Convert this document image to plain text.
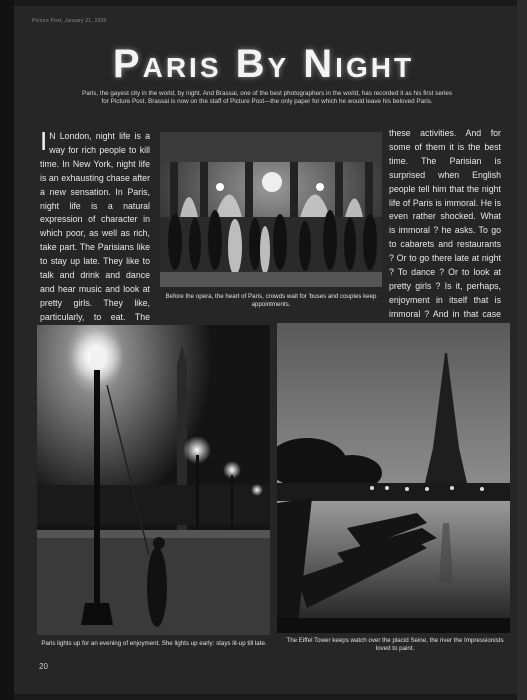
Picture Post, January 21, 1939
Paris By Night
Paris, the gayest city in the world, by night. And Brassai, one of the best photographers in the world, has recorded it as his first series for Picture Post. Brassai is now on the staff of Picture Post—the only paper for which he would leave his beloved Paris.
I N London, night life is a way for rich people to kill time. In New York, night life is an exhausting chase after a new sensation. In Paris, night life is a natural expression of character in which poor, as well as rich, take part. The Parisians like to stay up late. They like to talk and drink and dance and hear music and look at pretty girls. They like, particularly, to eat. The
these activities. And for some of them it is the best time. The Parisian is surprised when English people tell him that the night life of Paris is immoral. He is even rather shocked. What is immoral ? he asks. To go to cabarets and restaurants ? Or to go there late at night ? To dance ? Or to look at pretty girls ? Is it, perhaps, enjoyment in itself that is immoral ? And in that case
Before the opera, the heart of Paris, crowds wait for 'buses and couples keep appointments.
Paris lights up for an evening of enjoyment. She lights up early: stays lit-up till late.	The Eiffel Tower keeps watch over the placid Seine, the river the Impressionists loved to paint.
20
